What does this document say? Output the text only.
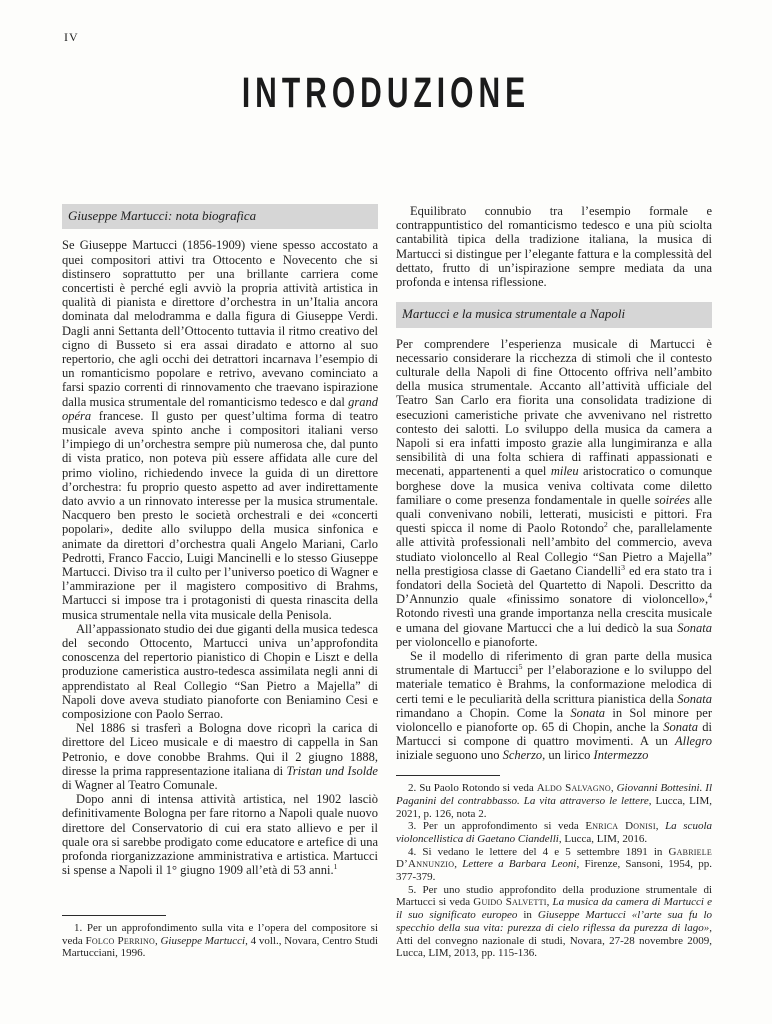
IV
INTRODUZIONE
Giuseppe Martucci: nota biografica

Se Giuseppe Martucci (1856-1909) viene spesso accostato a quei compositori attivi tra Ottocento e Novecento che si distinsero soprattutto per una brillante carriera come concertisti è perché egli avviò la propria attività artistica in qualità di pianista e direttore d’orchestra in un’Italia ancora dominata dal melodramma e dalla figura di Giuseppe Verdi. Dagli anni Settanta dell’Ottocento tuttavia il ritmo creativo del cigno di Busseto si era assai diradato e attorno al suo repertorio, che agli occhi dei detrattori incarnava l’esempio di un romanticismo popolare e retrivo, avevano cominciato a farsi spazio correnti di rinnovamento che traevano ispirazione dalla musica strumentale del romanticismo tedesco e dal grand opéra francese. Il gusto per quest’ultima forma di teatro musicale aveva spinto anche i compositori italiani verso l’impiego di un’orchestra sempre più numerosa che, dal punto di vista pratico, non poteva più essere affidata alle cure del primo violino, richiedendo invece la guida di un direttore d’orchestra: fu proprio questo aspetto ad aver indirettamente dato avvio a un rinnovato interesse per la musica strumentale. Nacquero ben presto le società orchestrali e dei «concerti popolari», dedite allo sviluppo della musica sinfonica e animate da direttori d’orchestra quali Angelo Mariani, Carlo Pedrotti, Franco Faccio, Luigi Mancinelli e lo stesso Giuseppe Martucci. Diviso tra il culto per l’universo poetico di Wagner e l’ammirazione per il magistero compositivo di Brahms, Martucci si impose tra i protagonisti di questa rinascita della musica strumentale nella vita musicale della Penisola.

All’appassionato studio dei due giganti della musica tedesca del secondo Ottocento, Martucci univa un’approfondita conoscenza del repertorio pianistico di Chopin e Liszt e della produzione cameristica austro-tedesca assimilata negli anni di apprendistato al Real Collegio “San Pietro a Majella” di Napoli dove aveva studiato pianoforte con Beniamino Cesi e composizione con Paolo Serrao.

Nel 1886 si trasferì a Bologna dove ricoprì la carica di direttore del Liceo musicale e di maestro di cappella in San Petronio, e dove conobbe Brahms. Qui il 2 giugno 1888, diresse la prima rappresentazione italiana di Tristan und Isolde di Wagner al Teatro Comunale.

Dopo anni di intensa attività artistica, nel 1902 lasciò definitivamente Bologna per fare ritorno a Napoli quale nuovo direttore del Conservatorio di cui era stato allievo e per il quale ora si sarebbe prodigato come educatore e artefice di una profonda riorganizzazione amministrativa e artistica. Martucci si spense a Napoli il 1° giugno 1909 all’età di 53 anni.$^1$

1. Per un approfondimento sulla vita e l’opera del compositore si veda Folco Perrino, Giuseppe Martucci, 4 voll., Novara, Centro Studi Martucciani, 1996.

Equilibrato connubio tra l’esempio formale e contrappuntistico del romanticismo tedesco e una più sciolta cantabilità tipica della tradizione italiana, la musica di Martucci si distingue per l’elegante fattura e la complessità del dettato, frutto di un’ispirazione sempre mediata da una profonda e intensa riflessione.

Martucci e la musica strumentale a Napoli

Per comprendere l’esperienza musicale di Martucci è necessario considerare la ricchezza di stimoli che il contesto culturale della Napoli di fine Ottocento offriva nell’ambito della musica strumentale. Accanto all’attività ufficiale del Teatro San Carlo era fiorita una consolidata tradizione di esecuzioni cameristiche private che avvenivano nel ristretto contesto dei salotti. Lo sviluppo della musica da camera a Napoli si era infatti imposto grazie alla lungimiranza e alla sensibilità di una folta schiera di raffinati appassionati e mecenati, appartenenti a quel mileu aristocratico o comunque borghese dove la musica veniva coltivata come diletto familiare o come presenza fondamentale in quelle soirées alle quali convenivano nobili, letterati, musicisti e pittori. Fra questi spicca il nome di Paolo Rotondo$^2$ che, parallelamente alle attività professionali nell’ambito del commercio, aveva studiato violoncello al Real Collegio “San Pietro a Majella” nella prestigiosa classe di Gaetano Ciandelli$^3$ ed era stato tra i fondatori della Società del Quartetto di Napoli. Descritto da D’Annunzio quale «finissimo sonatore di violoncello»,$^4$ Rotondo rivestì una grande importanza nella crescita musicale e umana del giovane Martucci che a lui dedicò la sua Sonata per violoncello e pianoforte.

Se il modello di riferimento di gran parte della musica strumentale di Martucci$^5$ per l’elaborazione e lo sviluppo del materiale tematico è Brahms, la conformazione melodica di certi temi e le peculiarità della scrittura pianistica della Sonata rimandano a Chopin. Come la Sonata in Sol minore per violoncello e pianoforte op. 65 di Chopin, anche la Sonata di Martucci si compone di quattro movimenti. A un Allegro iniziale seguono uno Scherzo, un lirico Intermezzo

2. Su Paolo Rotondo si veda Aldo Salvagno, Giovanni Bottesini. Il Paganini del contrabbasso. La vita attraverso le lettere, Lucca, LIM, 2021, p. 126, nota 2.

3. Per un approfondimento si veda Enrica Donisi, La scuola violoncellistica di Gaetano Ciandelli, Lucca, LIM, 2016.

4. Si vedano le lettere del 4 e 5 settembre 1891 in Gabriele D’Annunzio, Lettere a Barbara Leoni, Firenze, Sansoni, 1954, pp. 377-379.

5. Per uno studio approfondito della produzione strumentale di Martucci si veda Guido Salvetti, La musica da camera di Martucci e il suo significato europeo in Giuseppe Martucci «l’arte sua fu lo specchio della sua vita: purezza di cielo riflessa da purezza di lago», Atti del convegno nazionale di studi, Novara, 27-28 novembre 2009, Lucca, LIM, 2013, pp. 115-136.
